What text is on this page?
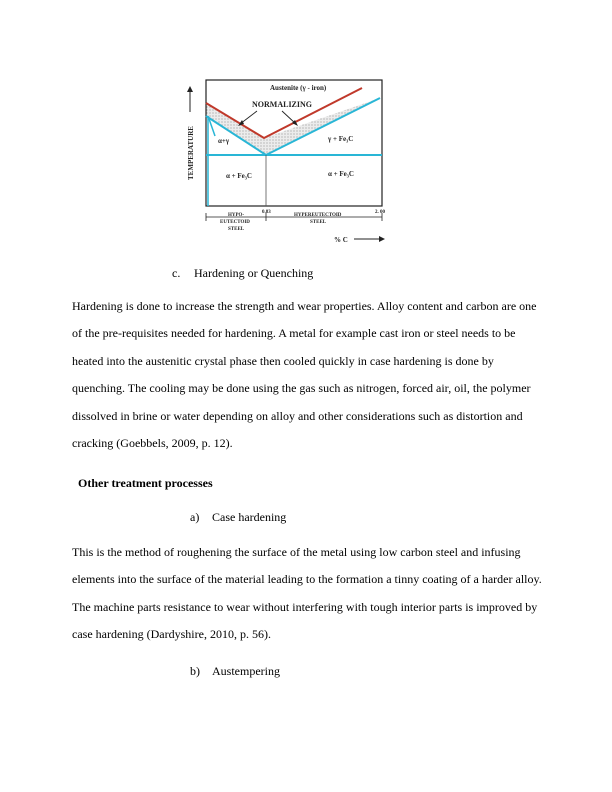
Austenite (γ - iron)
NORMALIZING
α+γ	γ + Fe₃C
α + Fe₃C	α + Fe₃C
TEMPERATURE
0.83	2. 00
HYPO-
EUTECTOID
STEEL
HYPEREUTECTOID
STEEL
% C
c. Hardening or Quenching

Hardening is done to increase the strength and wear properties. Alloy content and carbon are one of the pre-requisites needed for hardening. A metal for example cast iron or steel needs to be heated into the austenitic crystal phase then cooled quickly in case hardening is done by quenching. The cooling may be done using the gas such as nitrogen, forced air, oil, the polymer dissolved in brine or water depending on alloy and other considerations such as distortion and cracking (Goebbels, 2009, p. 12).

Other treatment processes
a) Case hardening

This is the method of roughening the surface of the metal using low carbon steel and infusing elements into the surface of the material leading to the formation a tinny coating of a harder alloy. The machine parts resistance to wear without interfering with tough interior parts is improved by case hardening (Dardyshire, 2010, p. 56).

b) Austempering
